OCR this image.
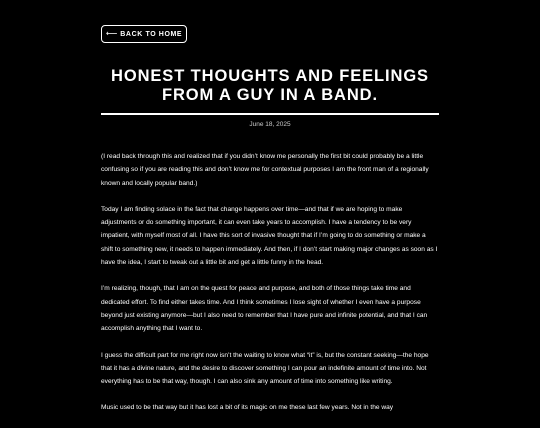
⟵ BACK TO HOME
HONEST THOUGHTS AND FEELINGS FROM A GUY IN A BAND.
June 18, 2025

(I read back through this and realized that if you didn’t know me personally the first bit could probably be a little confusing so if you are reading this and don’t know me for contextual purposes I am the front man of a regionally known and locally popular band.)

Today I am finding solace in the fact that change happens over time—and that if we are hoping to make adjustments or do something important, it can even take years to accomplish. I have a tendency to be very impatient, with myself most of all. I have this sort of invasive thought that if I’m going to do something or make a shift to something new, it needs to happen immediately. And then, if I don’t start making major changes as soon as I have the idea, I start to tweak out a little bit and get a little funny in the head.

I’m realizing, though, that I am on the quest for peace and purpose, and both of those things take time and dedicated effort. To find either takes time. And I think sometimes I lose sight of whether I even have a purpose beyond just existing anymore—but I also need to remember that I have pure and infinite potential, and that I can accomplish anything that I want to.

I guess the difficult part for me right now isn’t the waiting to know what “it” is, but the constant seeking—the hope that it has a divine nature, and the desire to discover something I can pour an indefinite amount of time into. Not everything has to be that way, though. I can also sink any amount of time into something like writing.

Music used to be that way but it has lost a bit of its magic on me these last few years. Not in the way
